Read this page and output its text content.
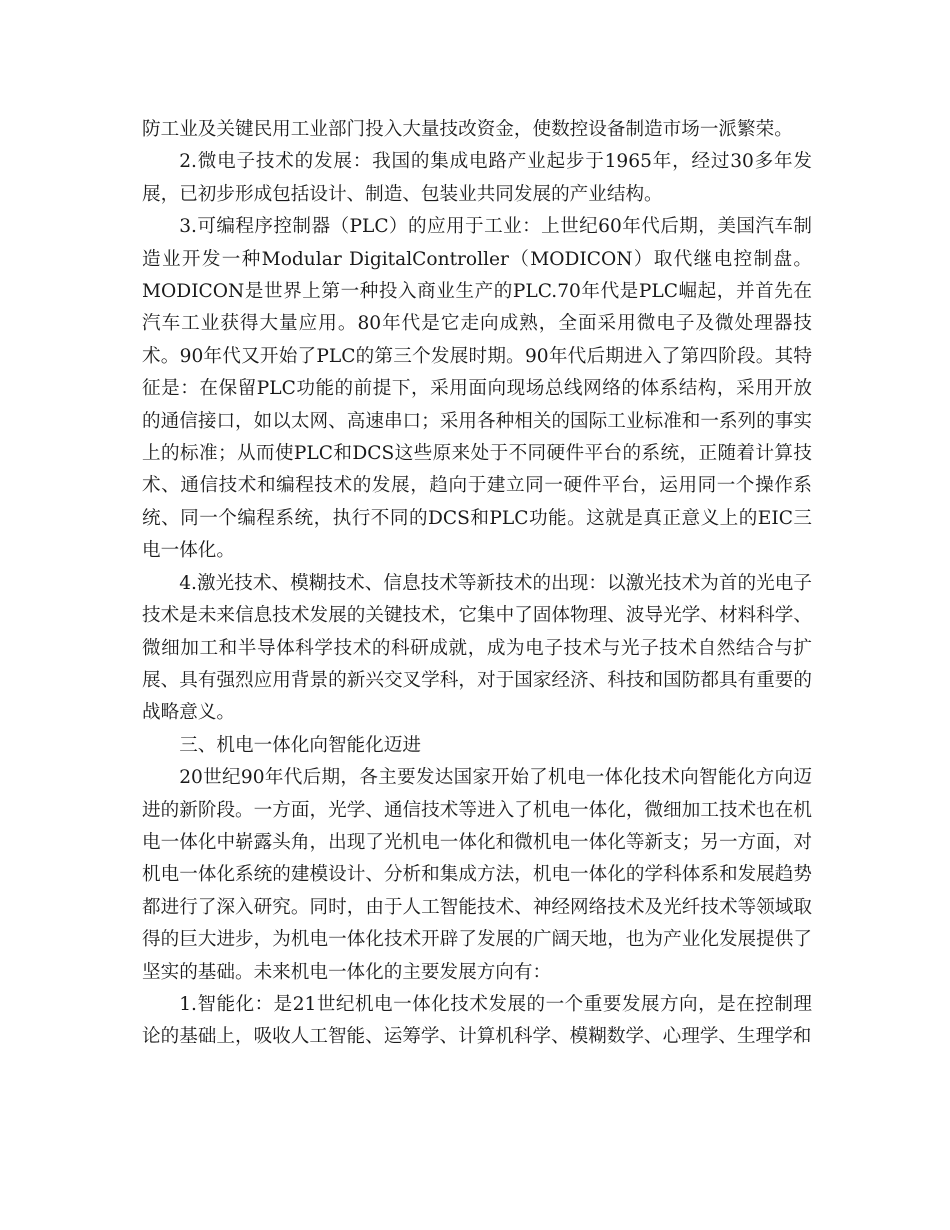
防工业及关键民用工业部门投入大量技改资金，使数控设备制造市场一派繁荣。

2.微电子技术的发展：我国的集成电路产业起步于1965年，经过30多年发展，已初步形成包括设计、制造、包装业共同发展的产业结构。

3.可编程序控制器（PLC）的应用于工业：上世纪60年代后期，美国汽车制造业开发一种Modular DigitalController（MODICON）取代继电控制盘。MODICON是世界上第一种投入商业生产的PLC.70年代是PLC崛起，并首先在汽车工业获得大量应用。80年代是它走向成熟，全面采用微电子及微处理器技术。90年代又开始了PLC的第三个发展时期。90年代后期进入了第四阶段。其特征是：在保留PLC功能的前提下，采用面向现场总线网络的体系结构，采用开放的通信接口，如以太网、高速串口；采用各种相关的国际工业标准和一系列的事实上的标准；从而使PLC和DCS这些原来处于不同硬件平台的系统，正随着计算技术、通信技术和编程技术的发展，趋向于建立同一硬件平台，运用同一个操作系统、同一个编程系统，执行不同的DCS和PLC功能。这就是真正意义上的EIC三电一体化。

4.激光技术、模糊技术、信息技术等新技术的出现：以激光技术为首的光电子技术是未来信息技术发展的关键技术，它集中了固体物理、波导光学、材料科学、微细加工和半导体科学技术的科研成就，成为电子技术与光子技术自然结合与扩展、具有强烈应用背景的新兴交叉学科，对于国家经济、科技和国防都具有重要的战略意义。

三、机电一体化向智能化迈进

20世纪90年代后期，各主要发达国家开始了机电一体化技术向智能化方向迈进的新阶段。一方面，光学、通信技术等进入了机电一体化，微细加工技术也在机电一体化中崭露头角，出现了光机电一体化和微机电一体化等新支；另一方面，对机电一体化系统的建模设计、分析和集成方法，机电一体化的学科体系和发展趋势都进行了深入研究。同时，由于人工智能技术、神经网络技术及光纤技术等领域取得的巨大进步，为机电一体化技术开辟了发展的广阔天地，也为产业化发展提供了坚实的基础。未来机电一体化的主要发展方向有：

1.智能化：是21世纪机电一体化技术发展的一个重要发展方向，是在控制理论的基础上，吸收人工智能、运筹学、计算机科学、模糊数学、心理学、生理学和
